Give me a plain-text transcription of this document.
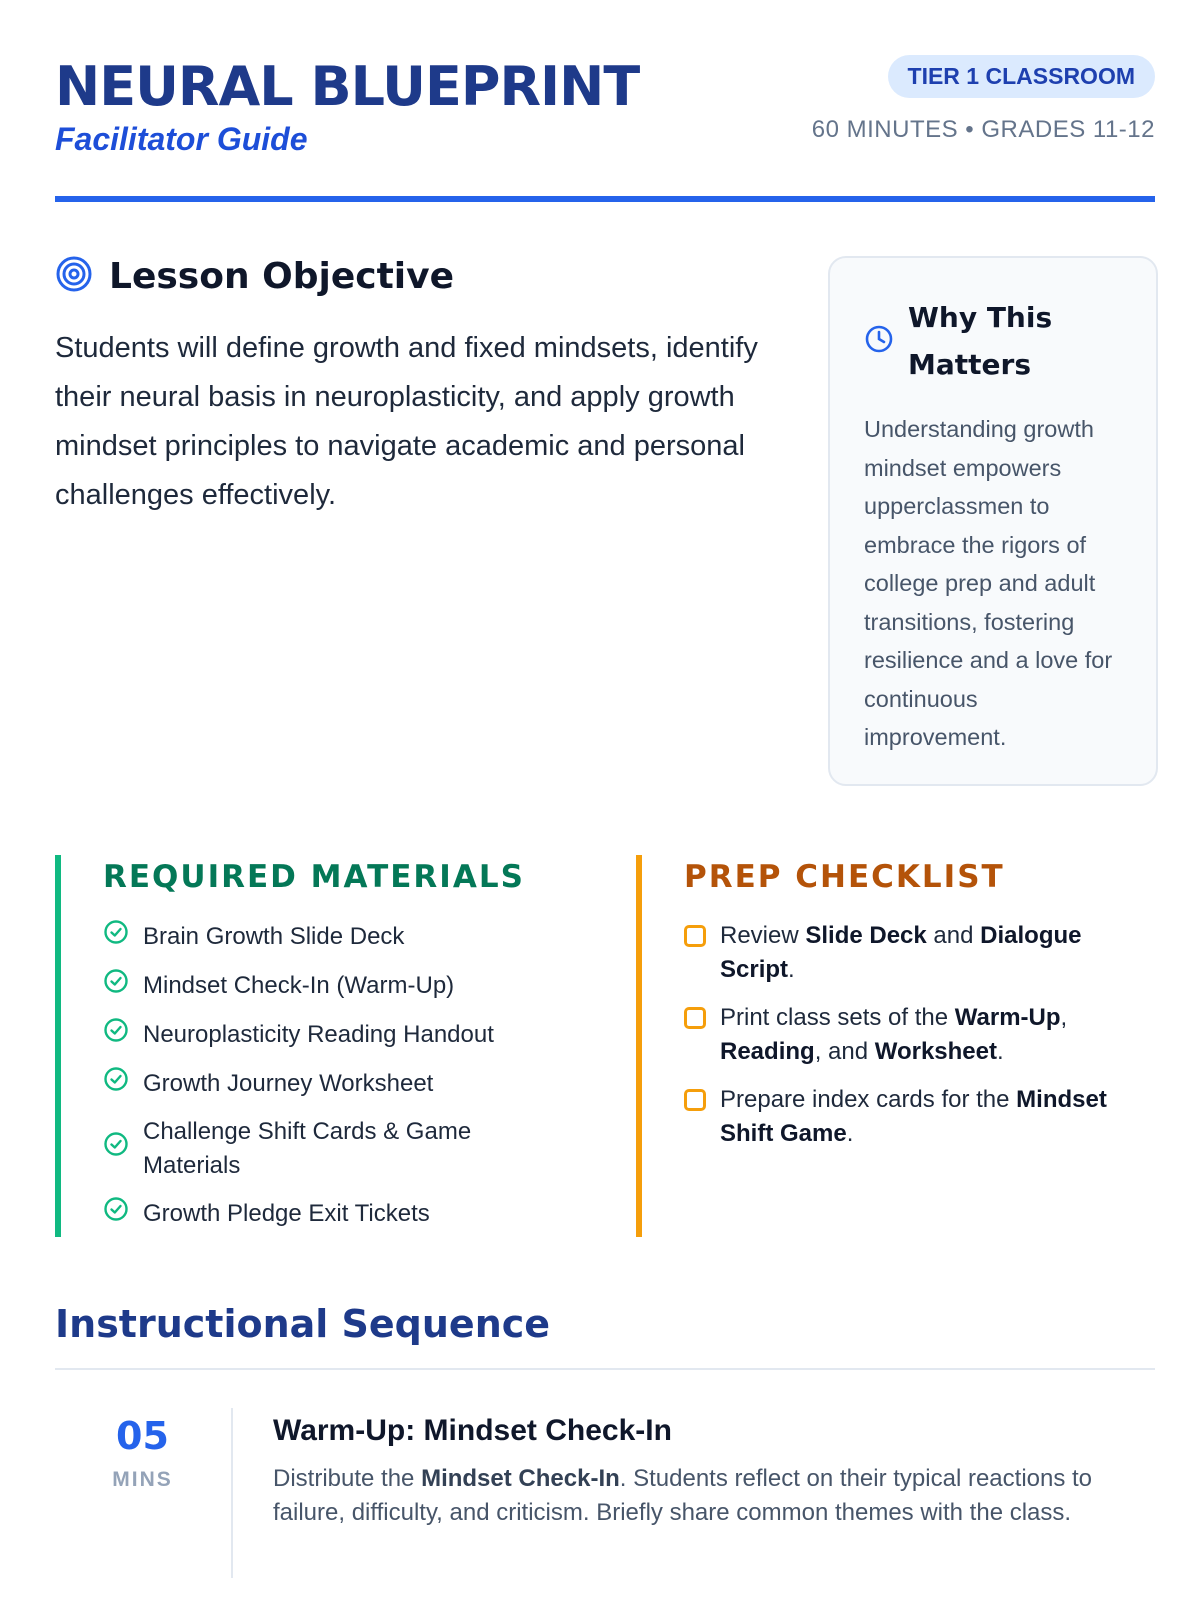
NEURAL BLUEPRINT
Facilitator Guide
TIER 1 CLASSROOM
60 MINUTES • GRADES 11-12
Lesson Objective
Students will define growth and fixed mindsets, identify their neural basis in neuroplasticity, and apply growth mindset principles to navigate academic and personal challenges effectively.
Why This Matters
Understanding growth mindset empowers upperclassmen to embrace the rigors of college prep and adult transitions, fostering resilience and a love for continuous improvement.
REQUIRED MATERIALS
Brain Growth Slide Deck
Mindset Check-In (Warm-Up)
Neuroplasticity Reading Handout
Growth Journey Worksheet
Challenge Shift Cards & Game Materials
Growth Pledge Exit Tickets
PREP CHECKLIST
Review Slide Deck and Dialogue Script.
Print class sets of the Warm-Up, Reading, and Worksheet.
Prepare index cards for the Mindset Shift Game.
Instructional Sequence
05
MINS
Warm-Up: Mindset Check-In
Distribute the Mindset Check-In. Students reflect on their typical reactions to failure, difficulty, and criticism. Briefly share common themes with the class.
